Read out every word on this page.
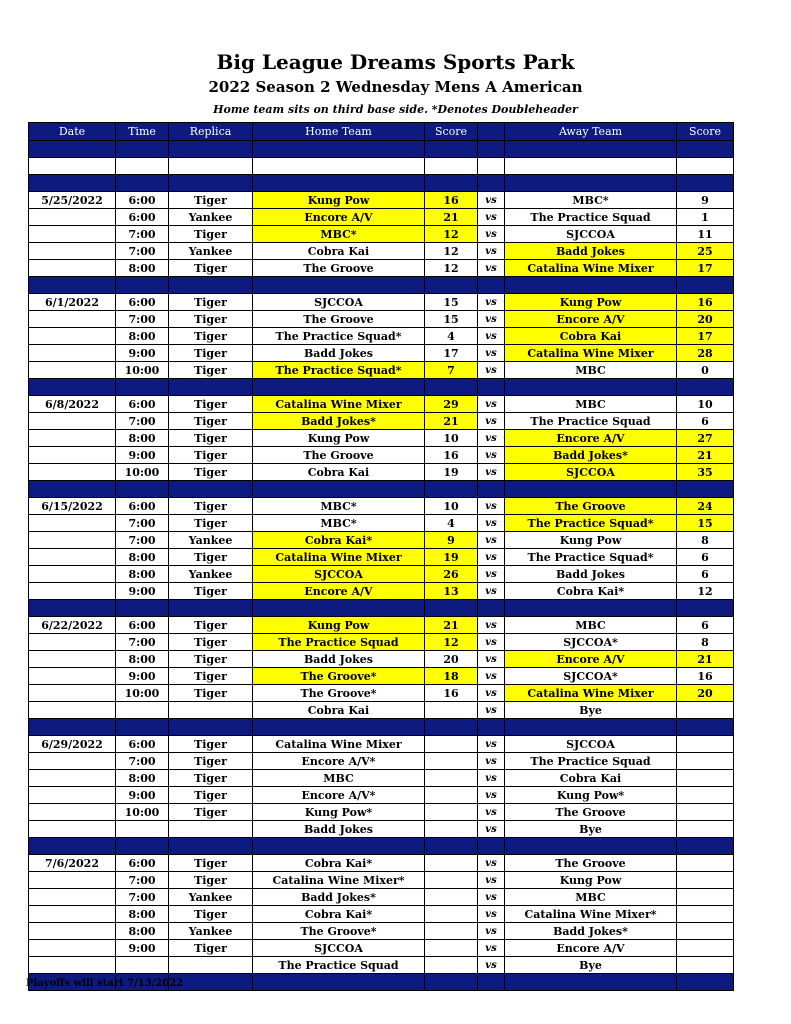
Big League Dreams Sports Park
2022 Season 2 Wednesday Mens A American
Home team sits on third base side. *Denotes Doubleheader
Date	Time	Replica	Home Team	Score		Away Team	Score

5/25/2022	6:00	Tiger	Kung Pow	16	vs	MBC*	9
	6:00	Yankee	Encore A/V	21	vs	The Practice Squad	1
	7:00	Tiger	MBC*	12	vs	SJCCOA	11
	7:00	Yankee	Cobra Kai	12	vs	Badd Jokes	25
	8:00	Tiger	The Groove	12	vs	Catalina Wine Mixer	17

6/1/2022	6:00	Tiger	SJCCOA	15	vs	Kung Pow	16
	7:00	Tiger	The Groove	15	vs	Encore A/V	20
	8:00	Tiger	The Practice Squad*	4	vs	Cobra Kai	17
	9:00	Tiger	Badd Jokes	17	vs	Catalina Wine Mixer	28
	10:00	Tiger	The Practice Squad*	7	vs	MBC	0

6/8/2022	6:00	Tiger	Catalina Wine Mixer	29	vs	MBC	10
	7:00	Tiger	Badd Jokes*	21	vs	The Practice Squad	6
	8:00	Tiger	Kung Pow	10	vs	Encore A/V	27
	9:00	Tiger	The Groove	16	vs	Badd Jokes*	21
	10:00	Tiger	Cobra Kai	19	vs	SJCCOA	35

6/15/2022	6:00	Tiger	MBC*	10	vs	The Groove	24
	7:00	Tiger	MBC*	4	vs	The Practice Squad*	15
	7:00	Yankee	Cobra Kai*	9	vs	Kung Pow	8
	8:00	Tiger	Catalina Wine Mixer	19	vs	The Practice Squad*	6
	8:00	Yankee	SJCCOA	26	vs	Badd Jokes	6
	9:00	Tiger	Encore A/V	13	vs	Cobra Kai*	12

6/22/2022	6:00	Tiger	Kung Pow	21	vs	MBC	6
	7:00	Tiger	The Practice Squad	12	vs	SJCCOA*	8
	8:00	Tiger	Badd Jokes	20	vs	Encore A/V	21
	9:00	Tiger	The Groove*	18	vs	SJCCOA*	16
	10:00	Tiger	The Groove*	16	vs	Catalina Wine Mixer	20
			Cobra Kai		vs	Bye	

6/29/2022	6:00	Tiger	Catalina Wine Mixer		vs	SJCCOA	
	7:00	Tiger	Encore A/V*		vs	The Practice Squad	
	8:00	Tiger	MBC		vs	Cobra Kai	
	9:00	Tiger	Encore A/V*		vs	Kung Pow*	
	10:00	Tiger	Kung Pow*		vs	The Groove	
			Badd Jokes		vs	Bye	

7/6/2022	6:00	Tiger	Cobra Kai*		vs	The Groove	
	7:00	Tiger	Catalina Wine Mixer*		vs	Kung Pow	
	7:00	Yankee	Badd Jokes*		vs	MBC	
	8:00	Tiger	Cobra Kai*		vs	Catalina Wine Mixer*	
	8:00	Yankee	The Groove*		vs	Badd Jokes*	
	9:00	Tiger	SJCCOA		vs	Encore A/V	
			The Practice Squad		vs	Bye	

Playoffs will start 7/13/2022
